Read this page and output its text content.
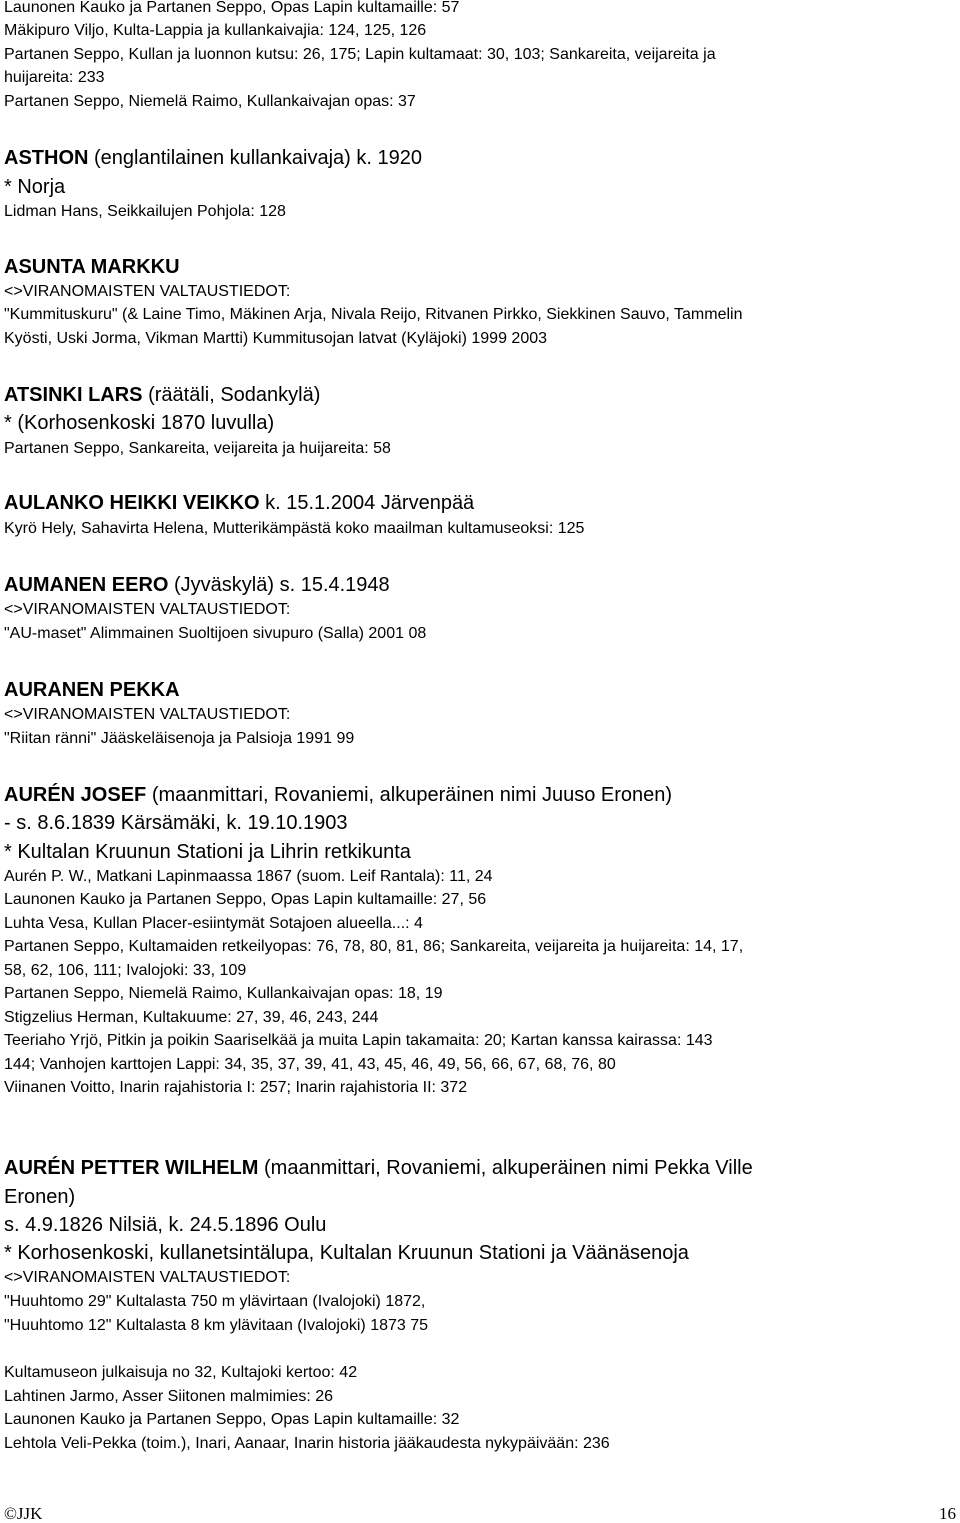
Launonen Kauko ja Partanen Seppo, Opas Lapin kultamaille: 57
Mäkipuro Viljo, Kulta-Lappia ja kullankaivajia: 124, 125, 126
Partanen Seppo, Kullan ja luonnon kutsu: 26, 175; Lapin kultamaat: 30, 103; Sankareita, veijareita ja
huijareita: 233
Partanen Seppo, Niemelä Raimo, Kullankaivajan opas: 37
ASTHON (englantilainen kullankaivaja) k. 1920
* Norja
Lidman Hans, Seikkailujen Pohjola: 128
ASUNTA MARKKU
<>VIRANOMAISTEN VALTAUSTIEDOT:
"Kummituskuru" (& Laine Timo, Mäkinen Arja, Nivala Reijo, Ritvanen Pirkko, Siekkinen Sauvo, Tammelin
Kyösti, Uski Jorma, Vikman Martti) Kummitusojan latvat (Kyläjoki) 1999 2003
ATSINKI LARS (räätäli, Sodankylä)
* (Korhosenkoski 1870 luvulla)
Partanen Seppo, Sankareita, veijareita ja huijareita: 58
AULANKO HEIKKI VEIKKO k. 15.1.2004 Järvenpää
Kyrö Hely, Sahavirta Helena, Mutterikämpästä koko maailman kultamuseoksi: 125
AUMANEN EERO (Jyväskylä) s. 15.4.1948
<>VIRANOMAISTEN VALTAUSTIEDOT:
"AU-maset" Alimmainen Suoltijoen sivupuro (Salla) 2001 08
AURANEN PEKKA
<>VIRANOMAISTEN VALTAUSTIEDOT:
"Riitan ränni" Jääskeläisenoja ja Palsioja 1991 99
AURÉN JOSEF (maanmittari, Rovaniemi, alkuperäinen nimi Juuso Eronen)
- s. 8.6.1839 Kärsämäki, k. 19.10.1903
* Kultalan Kruunun Stationi ja Lihrin retkikunta
Aurén P. W., Matkani Lapinmaassa 1867 (suom. Leif Rantala): 11, 24
Launonen Kauko ja Partanen Seppo, Opas Lapin kultamaille: 27, 56
Luhta Vesa, Kullan Placer-esiintymät Sotajoen alueella...: 4
Partanen Seppo, Kultamaiden retkeilyopas: 76, 78, 80, 81, 86; Sankareita, veijareita ja huijareita: 14, 17,
58, 62, 106, 111; Ivalojoki: 33, 109
Partanen Seppo, Niemelä Raimo, Kullankaivajan opas: 18, 19
Stigzelius Herman, Kultakuume: 27, 39, 46, 243, 244
Teeriaho Yrjö, Pitkin ja poikin Saariselkää ja muita Lapin takamaita: 20; Kartan kanssa kairassa: 143
144; Vanhojen karttojen Lappi: 34, 35, 37, 39, 41, 43, 45, 46, 49, 56, 66, 67, 68, 76, 80
Viinanen Voitto, Inarin rajahistoria I: 257; Inarin rajahistoria II: 372
AURÉN PETTER WILHELM (maanmittari, Rovaniemi, alkuperäinen nimi Pekka Ville
Eronen)
s. 4.9.1826 Nilsiä, k. 24.5.1896 Oulu
* Korhosenkoski, kullanetsintälupa, Kultalan Kruunun Stationi ja Väänäsenoja
<>VIRANOMAISTEN VALTAUSTIEDOT:
"Huuhtomo 29" Kultalasta 750 m ylävirtaan (Ivalojoki) 1872,
"Huuhtomo 12" Kultalasta 8 km ylävitaan (Ivalojoki) 1873 75
Kultamuseon julkaisuja no 32, Kultajoki kertoo: 42
Lahtinen Jarmo, Asser Siitonen malmimies: 26
Launonen Kauko ja Partanen Seppo, Opas Lapin kultamaille: 32
Lehtola Veli-Pekka (toim.), Inari, Aanaar, Inarin historia jääkaudesta nykypäivään: 236
©JJK	16
